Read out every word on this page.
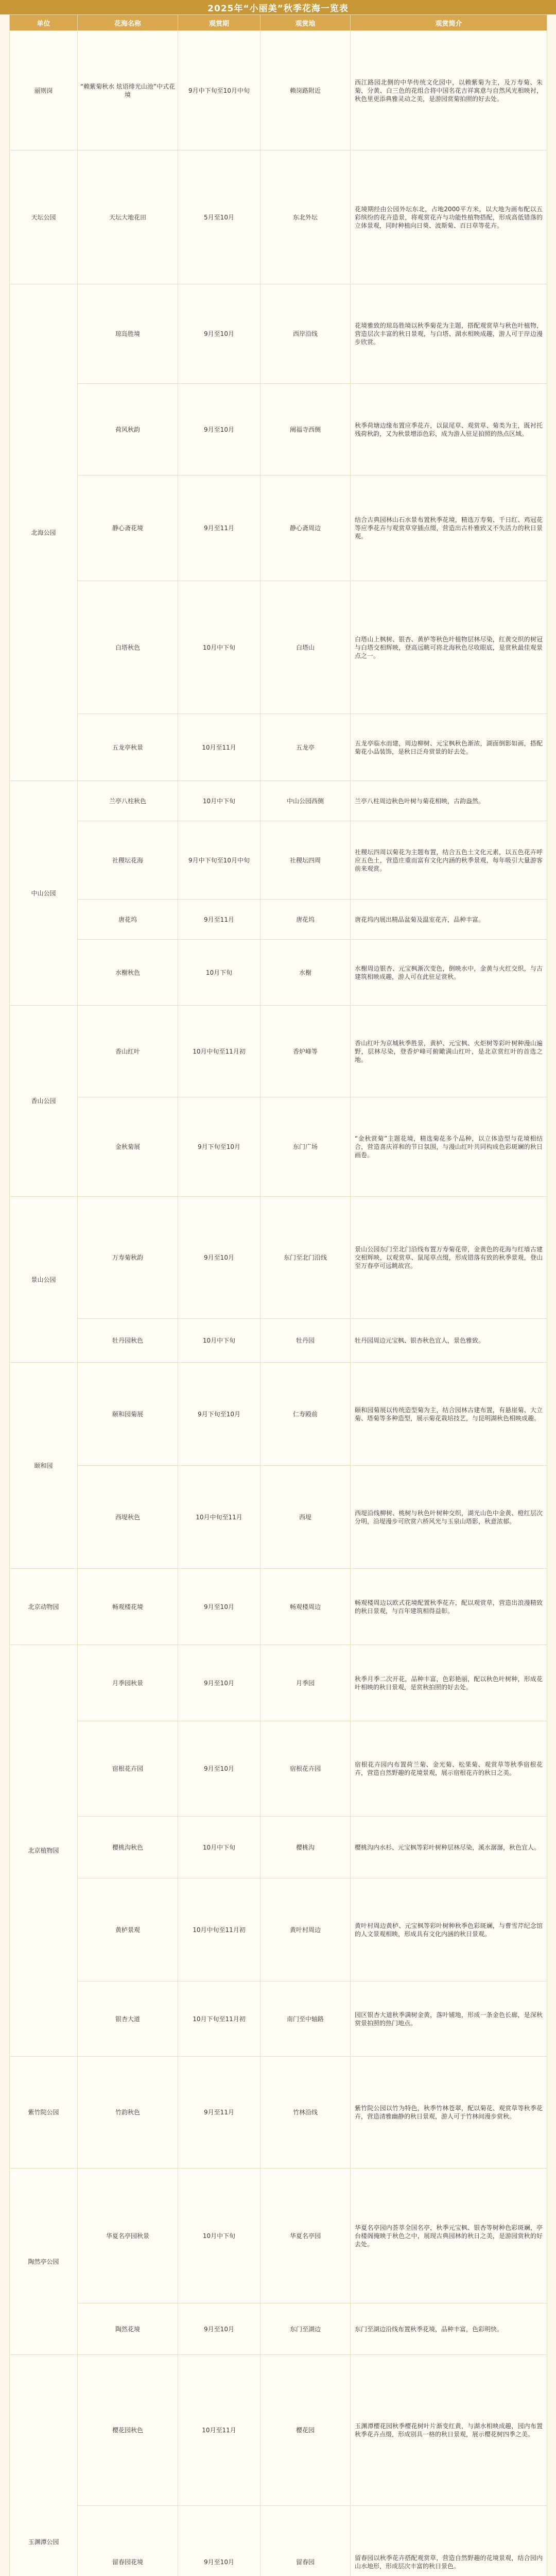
2025年“小丽美”秋季花海一览表
单位	花海名称	观赏期	观赏地	观赏简介
丽则岗	“赖紫菊秋水 炫语绯光山池”中式花境	9月中下旬至10月中旬	赖岗路附近	西江路园北侧的中华传统文化园中，以赖紫菊为主，及万寿菊、朱菊，分黄、白三色的花组合将中国名花吉祥寓意与自然风光相映衬，秋色里更添典雅灵动之美，是游园赏菊拍照的好去处。
天坛公园	天坛大地花田	5月至10月	东北外坛	花境期经由公园外坛东北，占地2000平方米，以大地为画布配以五彩缤纷的花卉造景，将观赏花卉与功能性植物搭配，形成高低错落的立体景观，同时种植向日葵、波斯菊、百日草等花卉。
北海公园	琼岛胜境	9月至10月	西岸沿线	花境雅致的琼岛胜境以秋季菊花为主题，搭配观赏草与秋色叶植物，营造层次丰富的秋日景观，与白塔、湖水相映成趣，游人可于岸边漫步欣赏。
	荷风秋韵	9月至10月	阐福寺西侧	秋季荷塘边缘布置应季花卉，以鼠尾草、观赏草、菊类为主，既衬托残荷秋韵，又为秋景增添色彩，成为游人驻足拍照的热点区域。
	静心斋花境	9月至11月	静心斋周边	结合古典园林山石水景布置秋季花境，精选万寿菊、千日红、鸡冠花等应季花卉与观赏草穿插点缀，营造出古朴雅致又不失活力的秋日景观。
	白塔秋色	10月中下旬	白塔山	白塔山上枫树、银杏、黄栌等秋色叶植物层林尽染，红黄交织的树冠与白塔交相辉映，登高远眺可将北海秋色尽收眼底，是赏秋最佳观景点之一。
	五龙亭秋景	10月至11月	五龙亭	五龙亭临水而建，周边柳树、元宝枫秋色渐浓，湖面倒影如画，搭配菊花小品装饰，是秋日泛舟赏景的好去处。
中山公园	兰亭八柱秋色	10月中下旬	中山公园西侧	兰亭八柱周边秋色叶树与菊花相映，古韵盎然。
	社稷坛花海	9月中下旬至10月中旬	社稷坛四周	社稷坛四周以菊花为主题布置，结合五色土文化元素，以五色花卉呼应五色土，营造庄重而富有文化内涵的秋季景观，每年吸引大量游客前来观赏。
	唐花坞	9月至11月	唐花坞	唐花坞内展出精品盆菊及温室花卉，品种丰富。
	水榭秋色	10月下旬	水榭	水榭周边银杏、元宝枫渐次变色，倒映水中，金黄与火红交织，与古建筑相映成趣，游人可在此驻足赏秋。
香山公园	香山红叶	10月中旬至11月初	香炉峰等	香山红叶为京城秋季胜景，黄栌、元宝枫、火炬树等彩叶树种漫山遍野，层林尽染，登香炉峰可俯瞰满山红叶，是北京赏红叶的首选之地。
	金秋菊展	9月下旬至10月	东门广场	“金秋赏菊”主题花境，精选菊花多个品种，以立体造型与花境相结合，营造喜庆祥和的节日氛围，与漫山红叶共同构成色彩斑斓的秋日画卷。
景山公园	万寿菊秋韵	9月至10月	东门至北门沿线	景山公园东门至北门沿线布置万寿菊花带，金黄色的花海与红墙古建交相辉映，以观赏草、鼠尾草点缀，形成错落有致的秋季景观，登山至万春亭可远眺故宫。
	牡丹园秋色	10月中下旬	牡丹园	牡丹园周边元宝枫、银杏秋色宜人，景色雅致。
颐和园	颐和园菊展	9月下旬至10月	仁寿殿前	颐和园菊展以传统造型菊为主，结合园林古建布置，有悬崖菊、大立菊、塔菊等多种造型，展示菊花栽培技艺，与昆明湖秋色相映成趣。
	西堤秋色	10月中旬至11月	西堤	西堤沿线柳树、桃树与秋色叶树种交织，湖光山色中金黄、橙红层次分明，沿堤漫步可欣赏六桥风光与玉泉山塔影，秋意浓郁。
北京动物园	畅观楼花境	9月至10月	畅观楼周边	畅观楼周边以欧式花境配置秋季花卉，配以观赏草，营造出浪漫精致的秋日景观，与百年建筑相得益彰。
北京植物园	月季园秋景	9月至10月	月季园	秋季月季二次开花，品种丰富，色彩艳丽，配以秋色叶树种，形成花叶相映的秋日景观，是赏秋拍照的好去处。
	宿根花卉园	9月至10月	宿根花卉园	宿根花卉园内布置荷兰菊、金光菊、松果菊、观赏草等秋季宿根花卉，营造自然野趣的花境景观，展示宿根花卉的秋日之美。
	樱桃沟秋色	10月中下旬	樱桃沟	樱桃沟内水杉、元宝枫等彩叶树种层林尽染，溪水潺潺，秋色宜人。
	黄栌景观	10月中旬至11月初	黄叶村周边	黄叶村周边黄栌、元宝枫等彩叶树种秋季色彩斑斓，与曹雪芹纪念馆的人文景观相映，形成具有文化内涵的秋日景观。
	银杏大道	10月下旬至11月初	南门至中轴路	园区银杏大道秋季满树金黄，落叶铺地，形成一条金色长廊，是深秋赏景拍照的热门地点。
紫竹院公园	竹韵秋色	9月至11月	竹林沿线	紫竹院公园以竹为特色，秋季竹林苍翠，配以菊花、观赏草等秋季花卉，营造清雅幽静的秋日景观，游人可于竹林间漫步赏秋。
陶然亭公园	华夏名亭园秋景	10月中下旬	华夏名亭园	华夏名亭园内荟萃全国名亭，秋季元宝枫、银杏等树种色彩斑斓，亭台楼阁掩映于秋色之中，展现古典园林的秋日之美，是游园赏秋的好去处。
	陶然花境	9月至10月	东门至湖边	东门至湖边沿线布置秋季花境，品种丰富，色彩明快。
玉渊潭公园	樱花园秋色	10月至11月	樱花园	玉渊潭樱花园秋季樱花树叶片渐变红黄，与湖水相映成趣，园内布置秋季花卉点缀，形成别具一格的秋日景观，展示樱花树四季之美。
	留春园花境	9月至10月	留春园	留春园以秋季花卉搭配观赏草，营造自然野趣的花境景观，结合园内山水地形，形成层次丰富的秋日景色。
